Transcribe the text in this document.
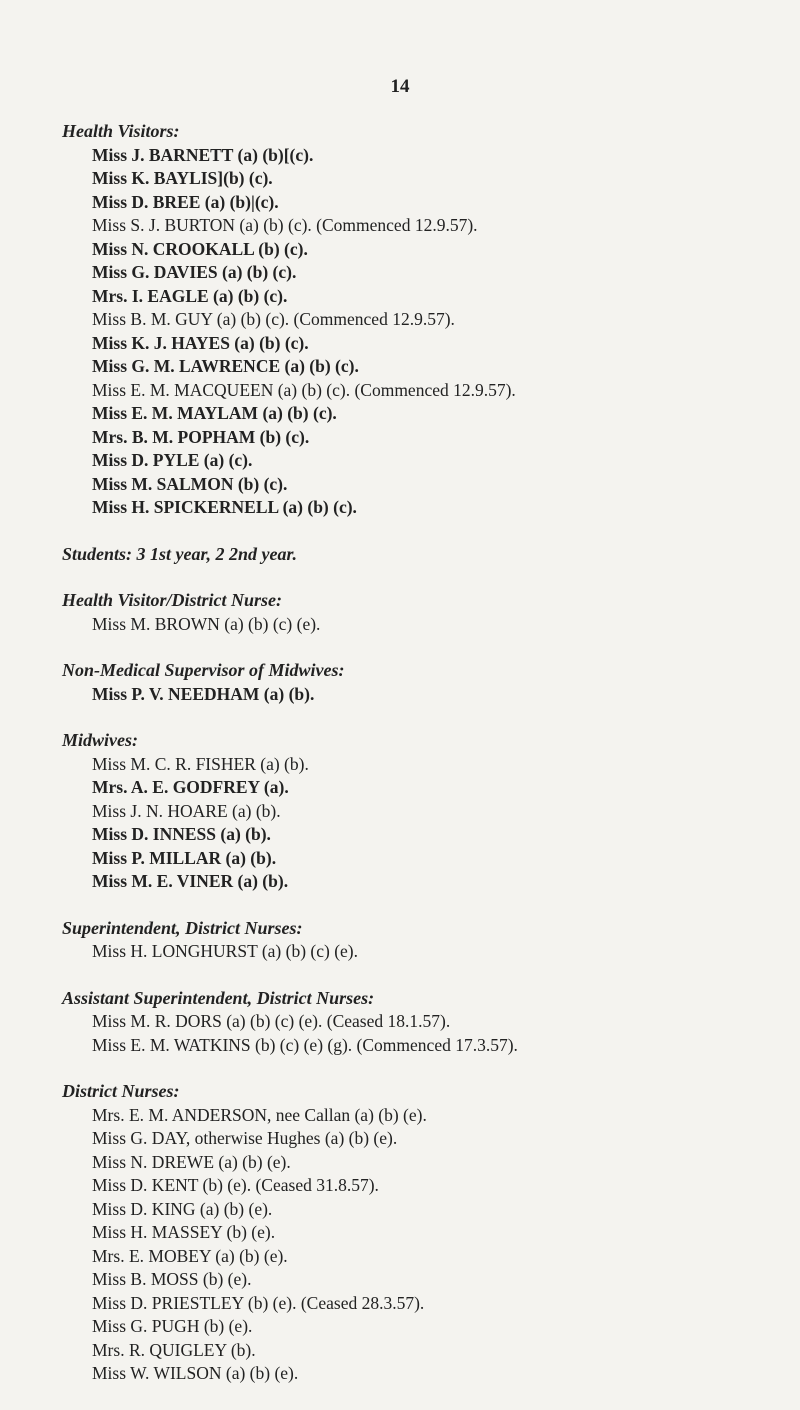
14
Health Visitors:
Miss J. BARNETT (a) (b)[(c).
Miss K. BAYLIS](b) (c).
Miss D. BREE (a) (b)|(c).
Miss S. J. BURTON (a) (b) (c). (Commenced 12.9.57).
Miss N. CROOKALL (b) (c).
Miss G. DAVIES (a) (b) (c).
Mrs. I. EAGLE (a) (b) (c).
Miss B. M. GUY (a) (b) (c). (Commenced 12.9.57).
Miss K. J. HAYES (a) (b) (c).
Miss G. M. LAWRENCE (a) (b) (c).
Miss E. M. MACQUEEN (a) (b) (c). (Commenced 12.9.57).
Miss E. M. MAYLAM (a) (b) (c).
Mrs. B. M. POPHAM (b) (c).
Miss D. PYLE (a) (c).
Miss M. SALMON (b) (c).
Miss H. SPICKERNELL (a) (b) (c).
Students: 3 1st year, 2 2nd year.
Health Visitor/District Nurse:
Miss M. BROWN (a) (b) (c) (e).
Non-Medical Supervisor of Midwives:
Miss P. V. NEEDHAM (a) (b).
Midwives:
Miss M. C. R. FISHER (a) (b).
Mrs. A. E. GODFREY (a).
Miss J. N. HOARE (a) (b).
Miss D. INNESS (a) (b).
Miss P. MILLAR (a) (b).
Miss M. E. VINER (a) (b).
Superintendent, District Nurses:
Miss H. LONGHURST (a) (b) (c) (e).
Assistant Superintendent, District Nurses:
Miss M. R. DORS (a) (b) (c) (e). (Ceased 18.1.57).
Miss E. M. WATKINS (b) (c) (e) (g). (Commenced 17.3.57).
District Nurses:
Mrs. E. M. ANDERSON, nee Callan (a) (b) (e).
Miss G. DAY, otherwise Hughes (a) (b) (e).
Miss N. DREWE (a) (b) (e).
Miss D. KENT (b) (e). (Ceased 31.8.57).
Miss D. KING (a) (b) (e).
Miss H. MASSEY (b) (e).
Mrs. E. MOBEY (a) (b) (e).
Miss B. MOSS (b) (e).
Miss D. PRIESTLEY (b) (e). (Ceased 28.3.57).
Miss G. PUGH (b) (e).
Mrs. R. QUIGLEY (b).
Miss W. WILSON (a) (b) (e).
